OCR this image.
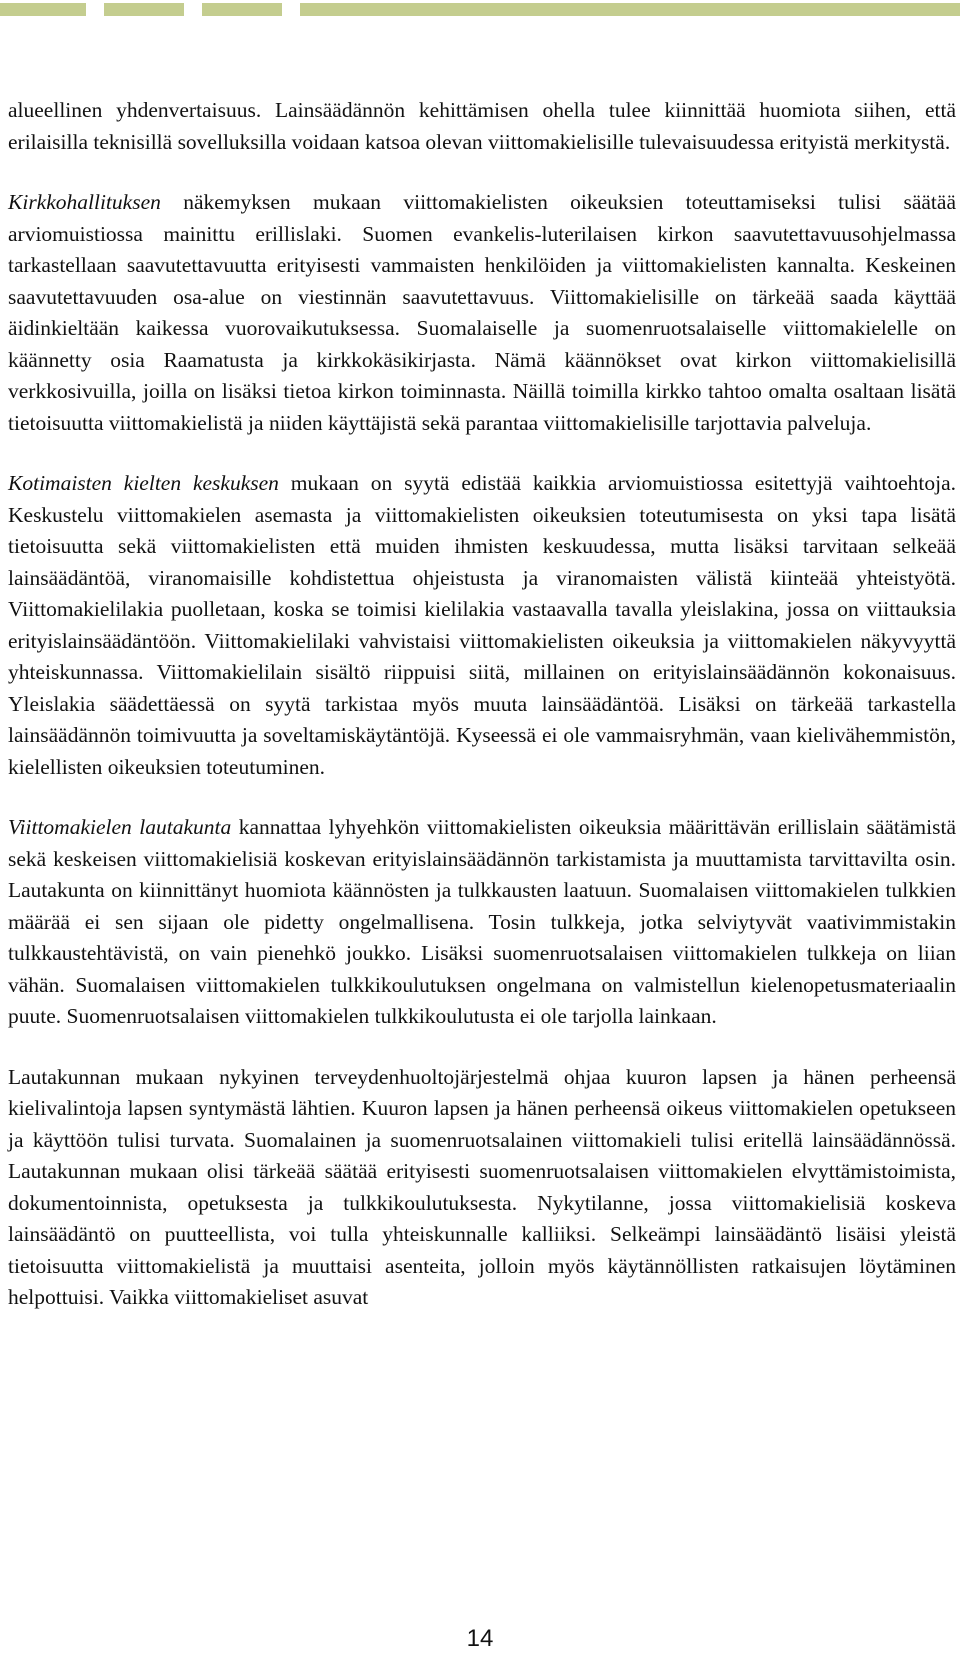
alueellinen yhdenvertaisuus. Lainsäädännön kehittämisen ohella tulee kiinnittää huomiota siihen, että erilaisilla teknisillä sovelluksilla voidaan katsoa olevan viittomakielisille tulevaisuudessa erityistä merkitystä.

Kirkkohallituksen näkemyksen mukaan viittomakielisten oikeuksien toteuttamiseksi tulisi säätää arviomuistiossa mainittu erillislaki. Suomen evankelis-luterilaisen kirkon saavutettavuusohjelmassa tarkastellaan saavutettavuutta erityisesti vammaisten henkilöiden ja viittomakielisten kannalta. Keskeinen saavutettavuuden osa-alue on viestinnän saavutettavuus. Viittomakielisille on tärkeää saada käyttää äidinkieltään kaikessa vuorovaikutuksessa. Suomalaiselle ja suomenruotsalaiselle viittomakielelle on käännetty osia Raamatusta ja kirkkokäsikirjasta. Nämä käännökset ovat kirkon viittomakielisillä verkkosivuilla, joilla on lisäksi tietoa kirkon toiminnasta. Näillä toimilla kirkko tahtoo omalta osaltaan lisätä tietoisuutta viittomakielistä ja niiden käyttäjistä sekä parantaa viittomakielisille tarjottavia palveluja.

Kotimaisten kielten keskuksen mukaan on syytä edistää kaikkia arviomuistiossa esitettyjä vaihtoehtoja. Keskustelu viittomakielen asemasta ja viittomakielisten oikeuksien toteutumisesta on yksi tapa lisätä tietoisuutta sekä viittomakielisten että muiden ihmisten keskuudessa, mutta lisäksi tarvitaan selkeää lainsäädäntöä, viranomaisille kohdistettua ohjeistusta ja viranomaisten välistä kiinteää yhteistyötä. Viittomakielilakia puolletaan, koska se toimisi kielilakia vastaavalla tavalla yleislakina, jossa on viittauksia erityislainsäädäntöön. Viittomakielilaki vahvistaisi viittomakielisten oikeuksia ja viittomakielen näkyvyyttä yhteiskunnassa. Viittomakielilain sisältö riippuisi siitä, millainen on erityislainsäädännön kokonaisuus. Yleislakia säädettäessä on syytä tarkistaa myös muuta lainsäädäntöä. Lisäksi on tärkeää tarkastella lainsäädännön toimivuutta ja soveltamiskäytäntöjä. Kyseessä ei ole vammaisryhmän, vaan kielivähemmistön, kielellisten oikeuksien toteutuminen.

Viittomakielen lautakunta kannattaa lyhyehkön viittomakielisten oikeuksia määrittävän erillislain säätämistä sekä keskeisen viittomakielisiä koskevan erityislainsäädännön tarkistamista ja muuttamista tarvittavilta osin. Lautakunta on kiinnittänyt huomiota käännösten ja tulkkausten laatuun. Suomalaisen viittomakielen tulkkien määrää ei sen sijaan ole pidetty ongelmallisena. Tosin tulkkeja, jotka selviytyvät vaativimmistakin tulkkaustehtävistä, on vain pienehkö joukko. Lisäksi suomenruotsalaisen viittomakielen tulkkeja on liian vähän. Suomalaisen viittomakielen tulkkikoulutuksen ongelmana on valmistellun kielenopetusmateriaalin puute. Suomenruotsalaisen viittomakielen tulkkikoulutusta ei ole tarjolla lainkaan.

Lautakunnan mukaan nykyinen terveydenhuoltojärjestelmä ohjaa kuuron lapsen ja hänen perheensä kielivalintoja lapsen syntymästä lähtien. Kuuron lapsen ja hänen perheensä oikeus viittomakielen opetukseen ja käyttöön tulisi turvata. Suomalainen ja suomenruotsalainen viittomakieli tulisi eritellä lainsäädännössä. Lautakunnan mukaan olisi tärkeää säätää erityisesti suomenruotsalaisen viittomakielen elvyttämistoimista, dokumentoinnista, opetuksesta ja tulkkikoulutuksesta. Nykytilanne, jossa viittomakielisiä koskeva lainsäädäntö on puutteellista, voi tulla yhteiskunnalle kalliiksi. Selkeämpi lainsäädäntö lisäisi yleistä tietoisuutta viittomakielistä ja muuttaisi asenteita, jolloin myös käytännöllisten ratkaisujen löytäminen helpottuisi. Vaikka viittomakieliset asuvat

14
